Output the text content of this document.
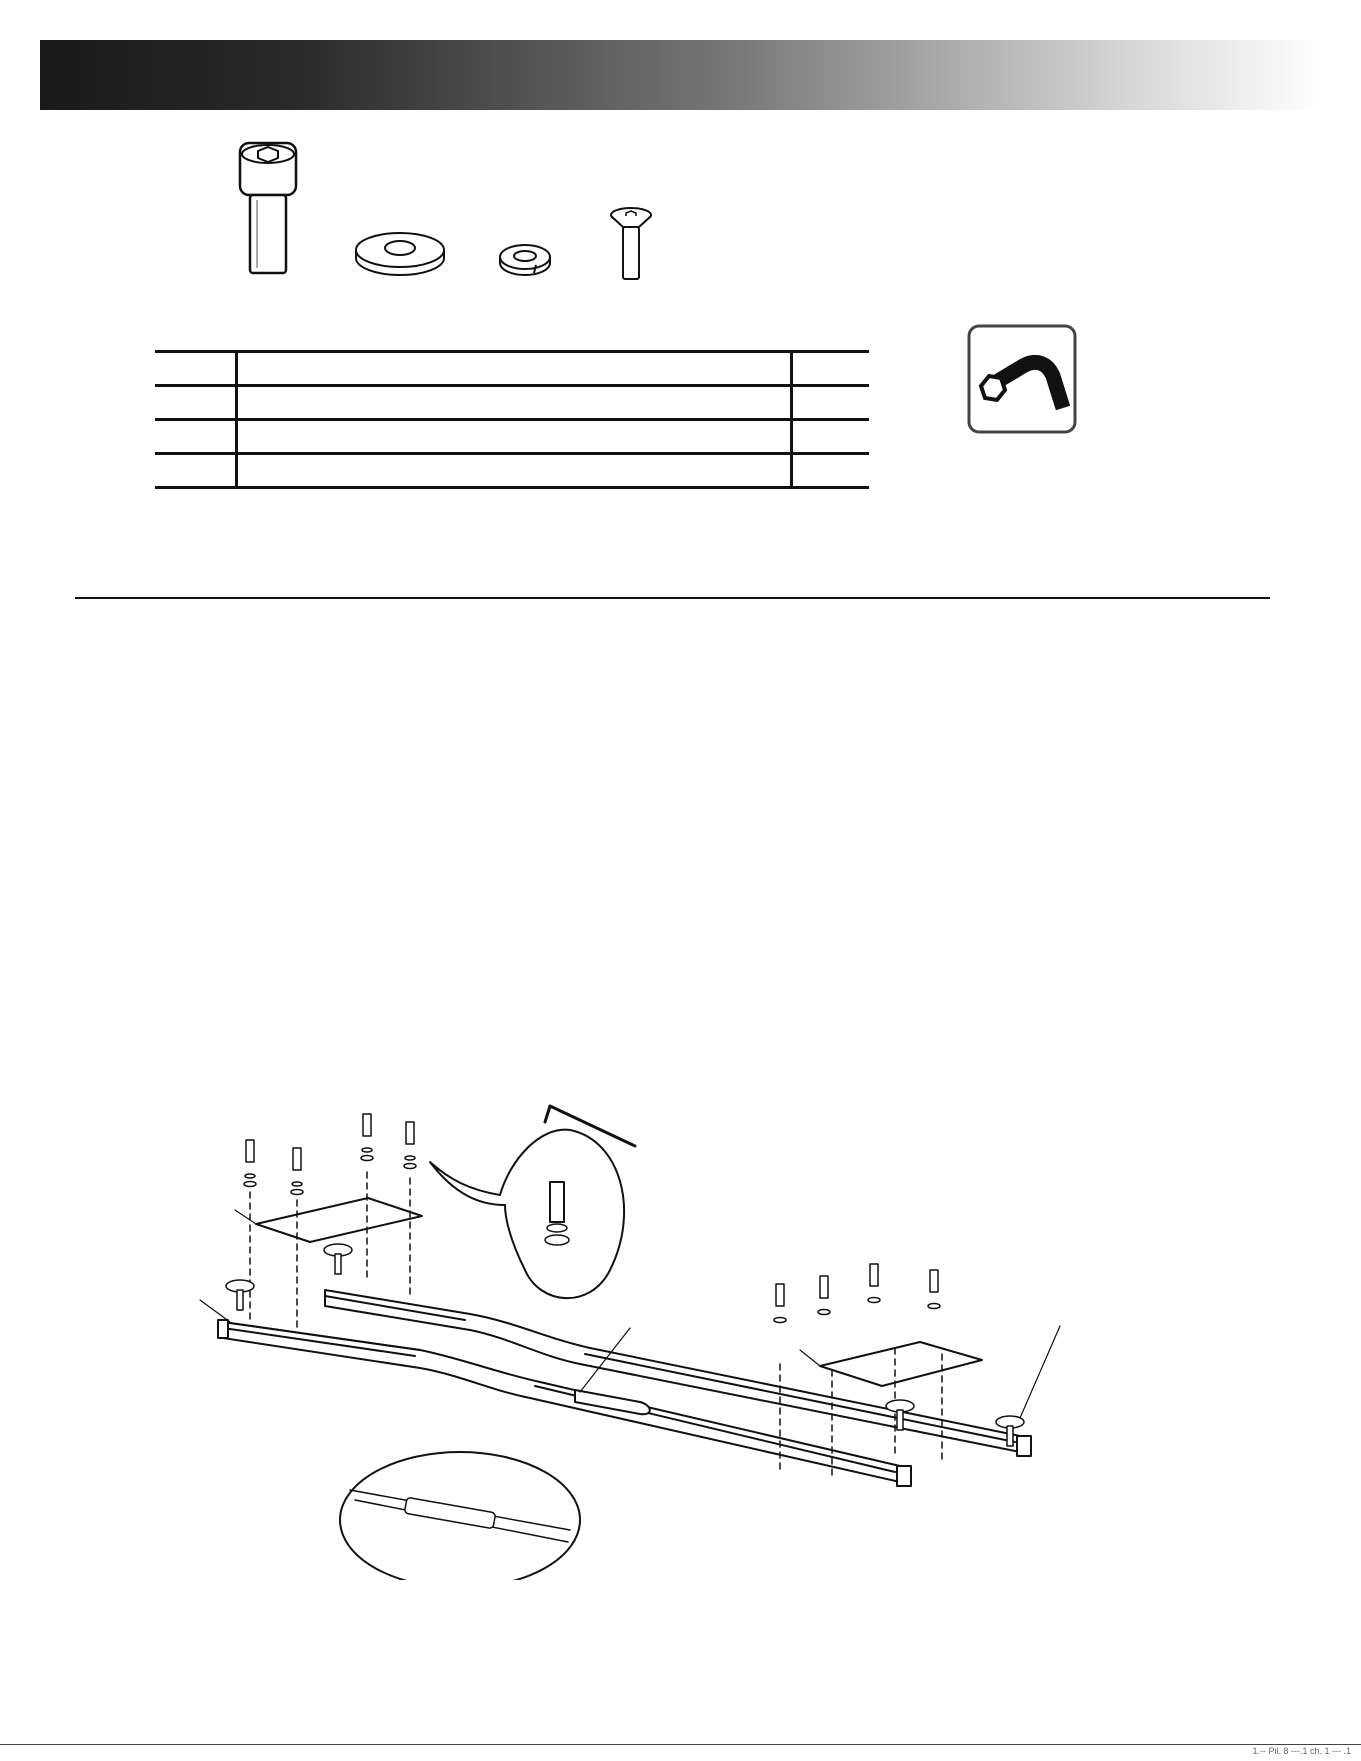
1.-- Pil. 8 ---.1 ch. 1 --- .1
